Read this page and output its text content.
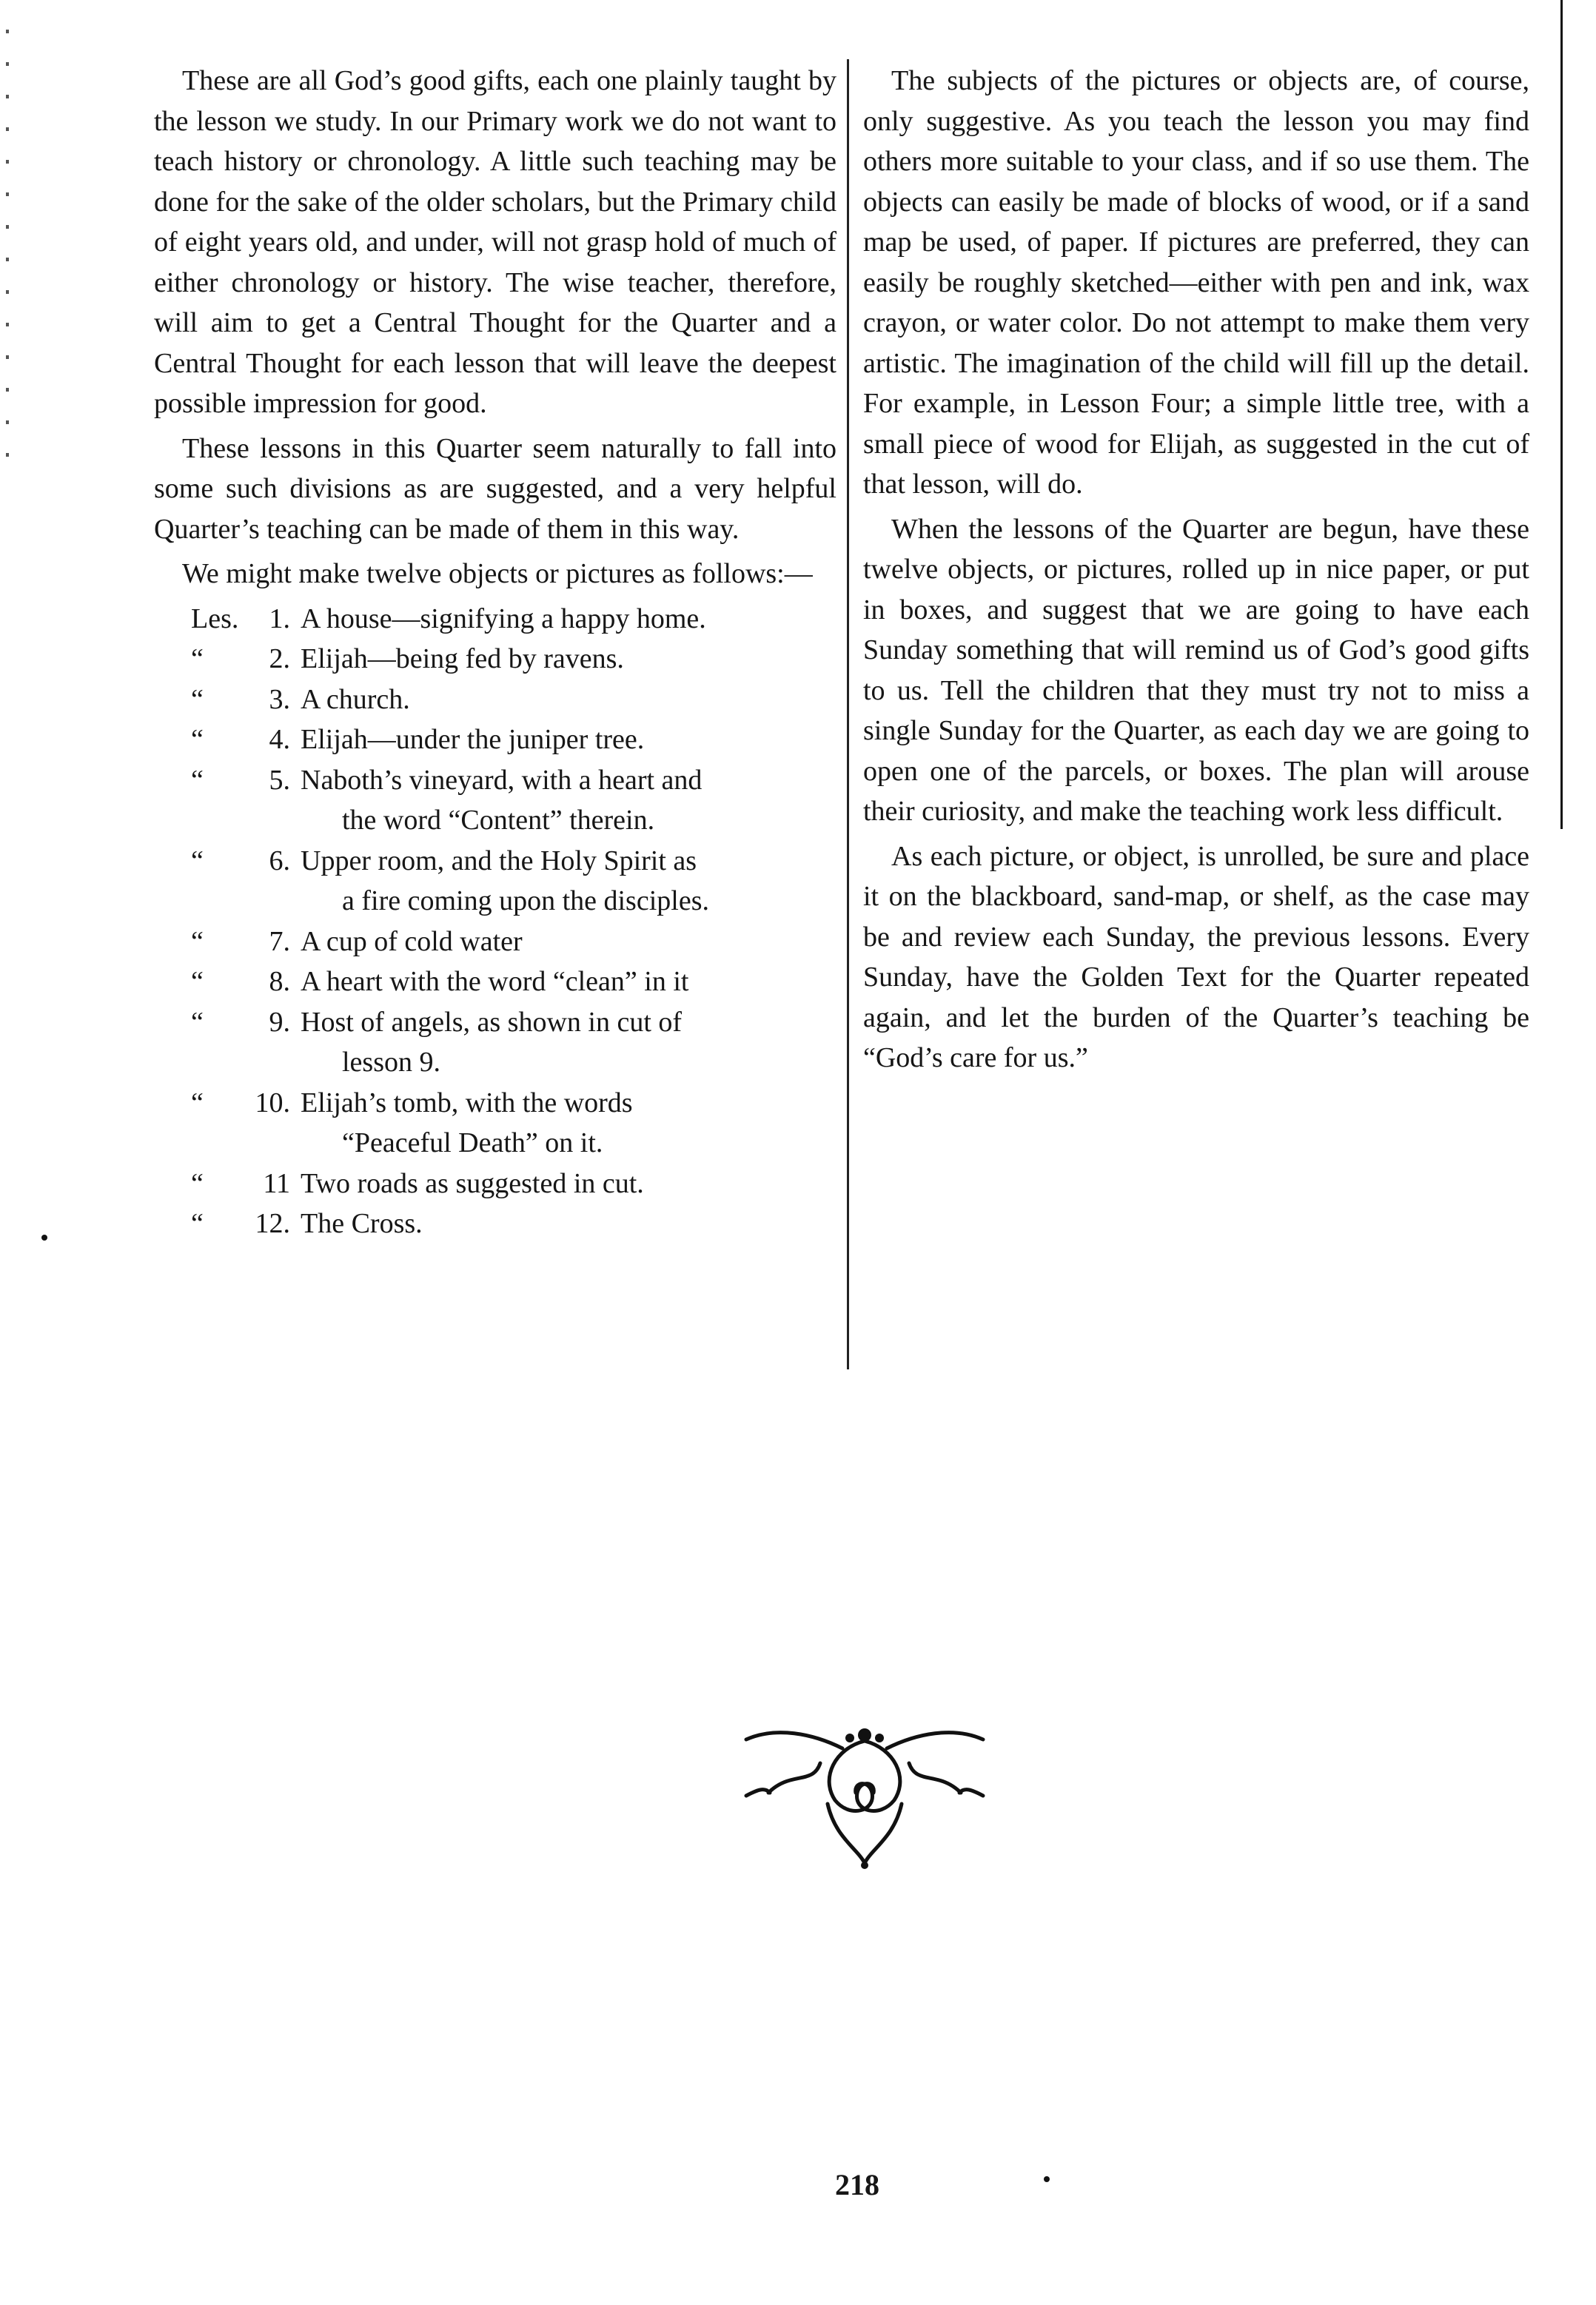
These are all God’s good gifts, each one plainly taught by the lesson we study. In our Primary work we do not want to teach history or chronology. A little such teaching may be done for the sake of the older scholars, but the Primary child of eight years old, and under, will not grasp hold of much of either chronology or history. The wise teacher, therefore, will aim to get a Central Thought for the Quarter and a Central Thought for each lesson that will leave the deepest possible impression for good.

These lessons in this Quarter seem naturally to fall into some such divisions as are suggested, and a very helpful Quarter’s teaching can be made of them in this way.

We might make twelve objects or pictures as follows:—

Les.	1. A house—signifying a happy home.
“	2. Elijah—being fed by ravens.
“	3. A church.
“	4. Elijah—under the juniper tree.
“	5. Naboth’s vineyard, with a heart and
the word “Content” therein.
“	6. Upper room, and the Holy Spirit as
a fire coming upon the disciples.
“	7. A cup of cold water
“	8. A heart with the word “clean” in it
“	9. Host of angels, as shown in cut of
lesson 9.
“	10. Elijah’s tomb, with the words
“Peaceful Death” on it.
“	11 Two roads as suggested in cut.
“	12. The Cross.

The subjects of the pictures or objects are, of course, only suggestive. As you teach the lesson you may find others more suitable to your class, and if so use them. The objects can easily be made of blocks of wood, or if a sand map be used, of paper. If pictures are preferred, they can easily be roughly sketched—either with pen and ink, wax crayon, or water color. Do not attempt to make them very artistic. The imagination of the child will fill up the detail. For example, in Lesson Four; a simple little tree, with a small piece of wood for Elijah, as suggested in the cut of that lesson, will do.

When the lessons of the Quarter are begun, have these twelve objects, or pictures, rolled up in nice paper, or put in boxes, and suggest that we are going to have each Sunday something that will remind us of God’s good gifts to us. Tell the children that they must try not to miss a single Sunday for the Quarter, as each day we are going to open one of the parcels, or boxes. The plan will arouse their curiosity, and make the teaching work less difficult.

As each picture, or object, is unrolled, be sure and place it on the blackboard, sand-map, or shelf, as the case may be and review each Sunday, the previous lessons. Every Sunday, have the Golden Text for the Quarter repeated again, and let the burden of the Quarter’s teaching be “God’s care for us.”

218
